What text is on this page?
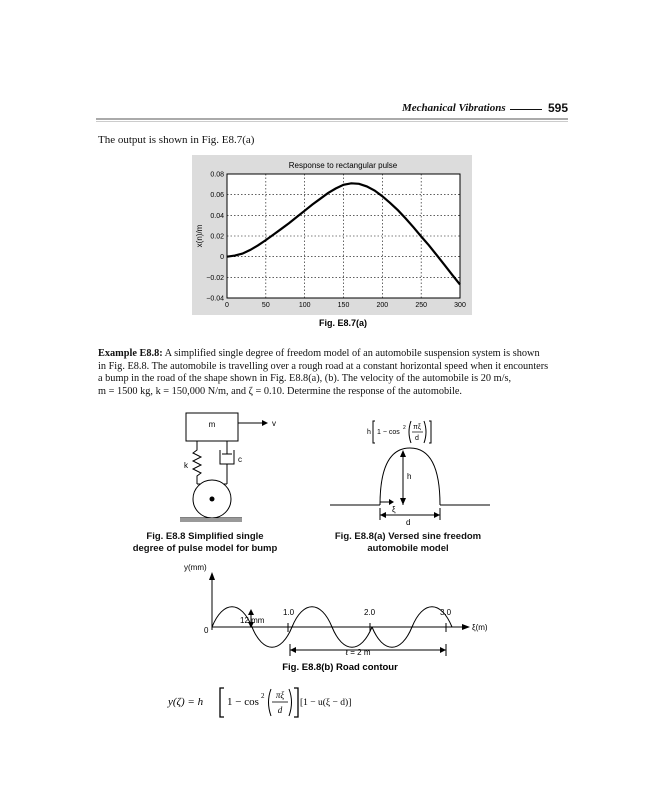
Mechanical Vibrations	595
The output is shown in Fig. E8.7(a)
0	50	100	150	200	250	300
0.08
0.06
0.04
0.02
0
−0.02
−0.04
Response to rectangular pulse
x(n)/m
Fig. E8.7(a)
Example E8.8: A simplified single degree of freedom model of an automobile suspension system is shown
in Fig. E8.8. The automobile is travelling over a rough road at a constant horizontal speed when it encounters
a bump in the road of the shape shown in Fig. E8.8(a), (b). The velocity of the automobile is 20 m/s,
m = 1500 kg, k = 150,000 N/m, and ζ = 0.10. Determine the response of the automobile.
m	v
k
c
Fig. E8.8 Simplified single
degree of pulse model for bump
h 1 − cos
2 πξ
d
h
ξ
d
Fig. E8.8(a) Versed sine freedom
automobile model
y(mm)
ξ(m)
0
1.0	2.0	3.0
12 mm
ℓ = 2 m
Fig. E8.8(b) Road contour
y(ζ) = h 1 − cos 2 πξ
d
[1 − u(ξ − d)]
